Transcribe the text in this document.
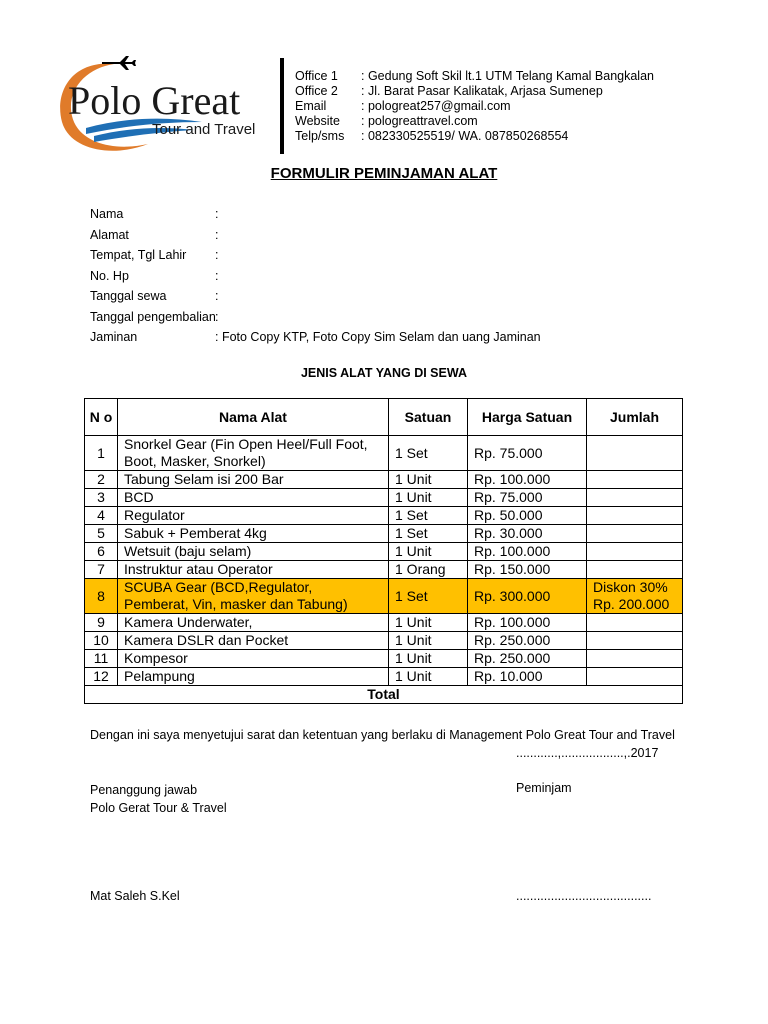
Polo Great
Tour and Travel
Office 1	: Gedung Soft Skil lt.1 UTM Telang Kamal Bangkalan
Office 2	: Jl. Barat Pasar Kalikatak, Arjasa Sumenep
Email	: pologreat257@gmail.com
Website	: pologreattravel.com
Telp/sms	: 082330525519/ WA. 087850268554
FORMULIR PEMINJAMAN ALAT
Nama	:
Alamat	:
Tempat, Tgl Lahir	:
No. Hp	:
Tanggal sewa	:
Tanggal pengembalian :
Jaminan	: Foto Copy KTP, Foto Copy Sim Selam dan uang Jaminan
JENIS ALAT YANG DI SEWA
N o	Nama Alat	Satuan	Harga Satuan	Jumlah
1	Snorkel Gear (Fin Open Heel/Full Foot, Boot, Masker, Snorkel)	1 Set	Rp. 75.000	
2	Tabung Selam isi 200 Bar	1 Unit	Rp. 100.000	
3	BCD	1 Unit	Rp. 75.000	
4	Regulator	1 Set	Rp. 50.000	
5	Sabuk + Pemberat 4kg	1 Set	Rp. 30.000	
6	Wetsuit (baju selam)	1 Unit	Rp. 100.000	
7	Instruktur atau Operator	1 Orang	Rp. 150.000	
8	SCUBA Gear (BCD,Regulator, Pemberat, Vin, masker dan Tabung)	1 Set	Rp. 300.000	Diskon 30% Rp. 200.000
9	Kamera Underwater,	1 Unit	Rp. 100.000	
10	Kamera DSLR dan Pocket	1 Unit	Rp. 250.000	
11	Kompesor	1 Unit	Rp. 250.000	
12	Pelampung	1 Unit	Rp. 10.000	
Total				
Dengan ini saya menyetujui sarat dan ketentuan yang berlaku di Management Polo Great Tour and Travel
............,..................,.2017
Penanggung jawab
Polo Gerat Tour & Travel
Peminjam
Mat Saleh S.Kel	.......................................
